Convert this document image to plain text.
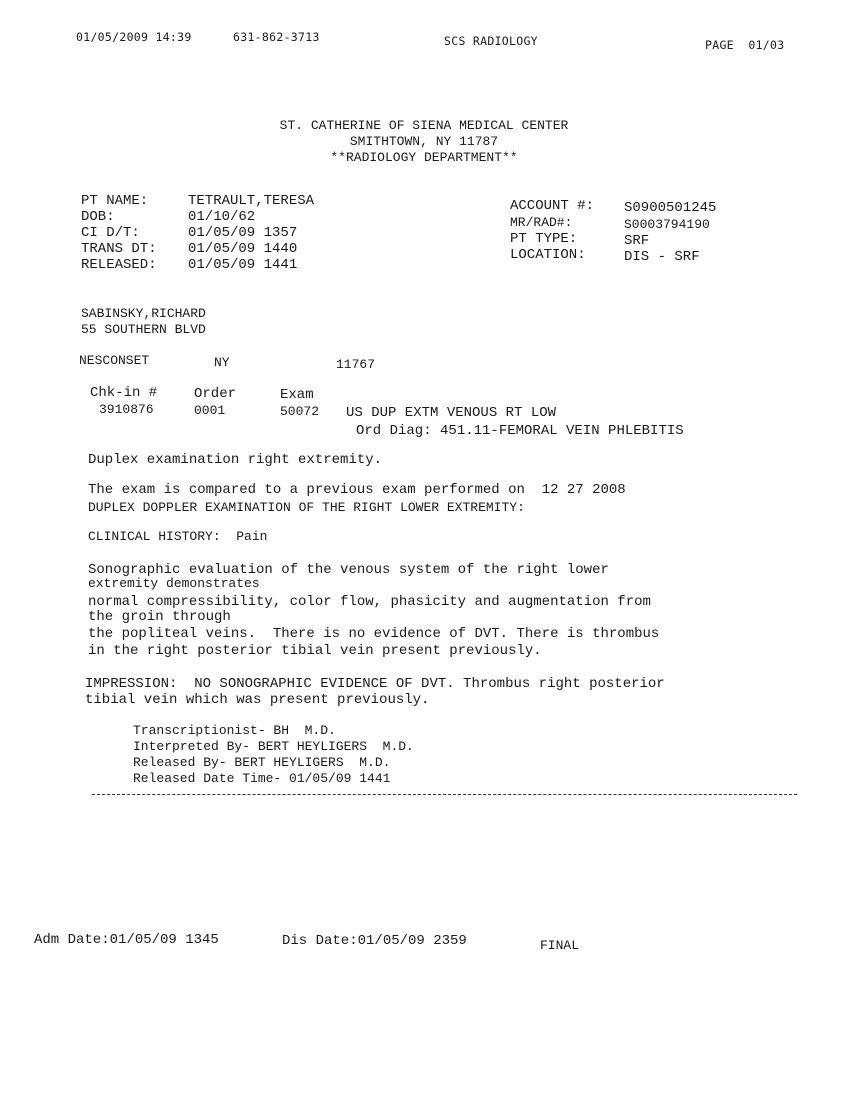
01/05/2009 14:39	631-862-3713	SCS RADIOLOGY	PAGE  01/03
ST. CATHERINE OF SIENA MEDICAL CENTER
SMITHTOWN, NY 11787
**RADIOLOGY DEPARTMENT**
PT NAME:	TETRAULT,TERESA
DOB:	01/10/62
CI D/T:	01/05/09 1357
TRANS DT: 01/05/09 1440
RELEASED: 01/05/09 1441
ACCOUNT #: S0900501245
MR/RAD#:	S0003794190
PT TYPE:	SRF
LOCATION:	DIS - SRF
SABINSKY,RICHARD
55 SOUTHERN BLVD
NESCONSET	NY	11767
Chk-in #	Order	Exam
3910876	0001	50072 US DUP EXTM VENOUS RT LOW
Ord Diag: 451.11-FEMORAL VEIN PHLEBITIS
Duplex examination right extremity.
The exam is compared to a previous exam performed on  12 27 2008
DUPLEX DOPPLER EXAMINATION OF THE RIGHT LOWER EXTREMITY:
CLINICAL HISTORY:  Pain
Sonographic evaluation of the venous system of the right lower
extremity demonstrates
normal compressibility, color flow, phasicity and augmentation from
the groin through
the popliteal veins.  There is no evidence of DVT. There is thrombus
in the right posterior tibial vein present previously.
IMPRESSION:  NO SONOGRAPHIC EVIDENCE OF DVT. Thrombus right posterior
tibial vein which was present previously.
Transcriptionist- BH  M.D.
Interpreted By- BERT HEYLIGERS  M.D.
Released By- BERT HEYLIGERS  M.D.
Released Date Time- 01/05/09 1441
Adm Date:01/05/09 1345	Dis Date:01/05/09 2359	FINAL
